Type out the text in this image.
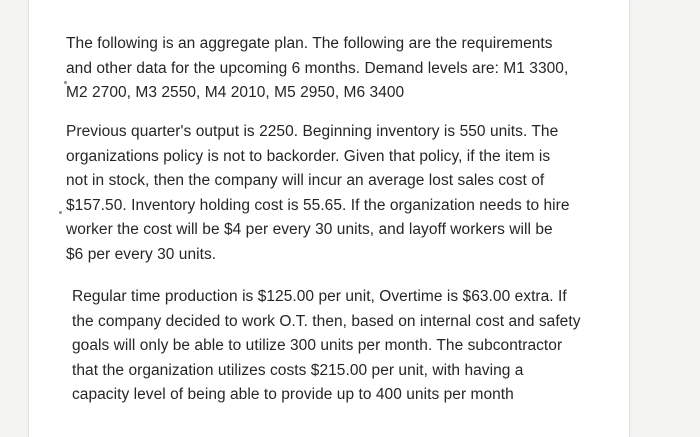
The following is an aggregate plan. The following are the requirements
and other data for the upcoming 6 months. Demand levels are: M1 3300,
M2 2700, M3 2550, M4 2010, M5 2950, M6 3400

Previous quarter's output is 2250. Beginning inventory is 550 units. The
organizations policy is not to backorder. Given that policy, if the item is
not in stock, then the company will incur an average lost sales cost of
$157.50. Inventory holding cost is 55.65. If the organization needs to hire
worker the cost will be $4 per every 30 units, and layoff workers will be
$6 per every 30 units.

Regular time production is $125.00 per unit, Overtime is $63.00 extra. If
the company decided to work O.T. then, based on internal cost and safety
goals will only be able to utilize 300 units per month. The subcontractor
that the organization utilizes costs $215.00 per unit, with having a
capacity level of being able to provide up to 400 units per month
